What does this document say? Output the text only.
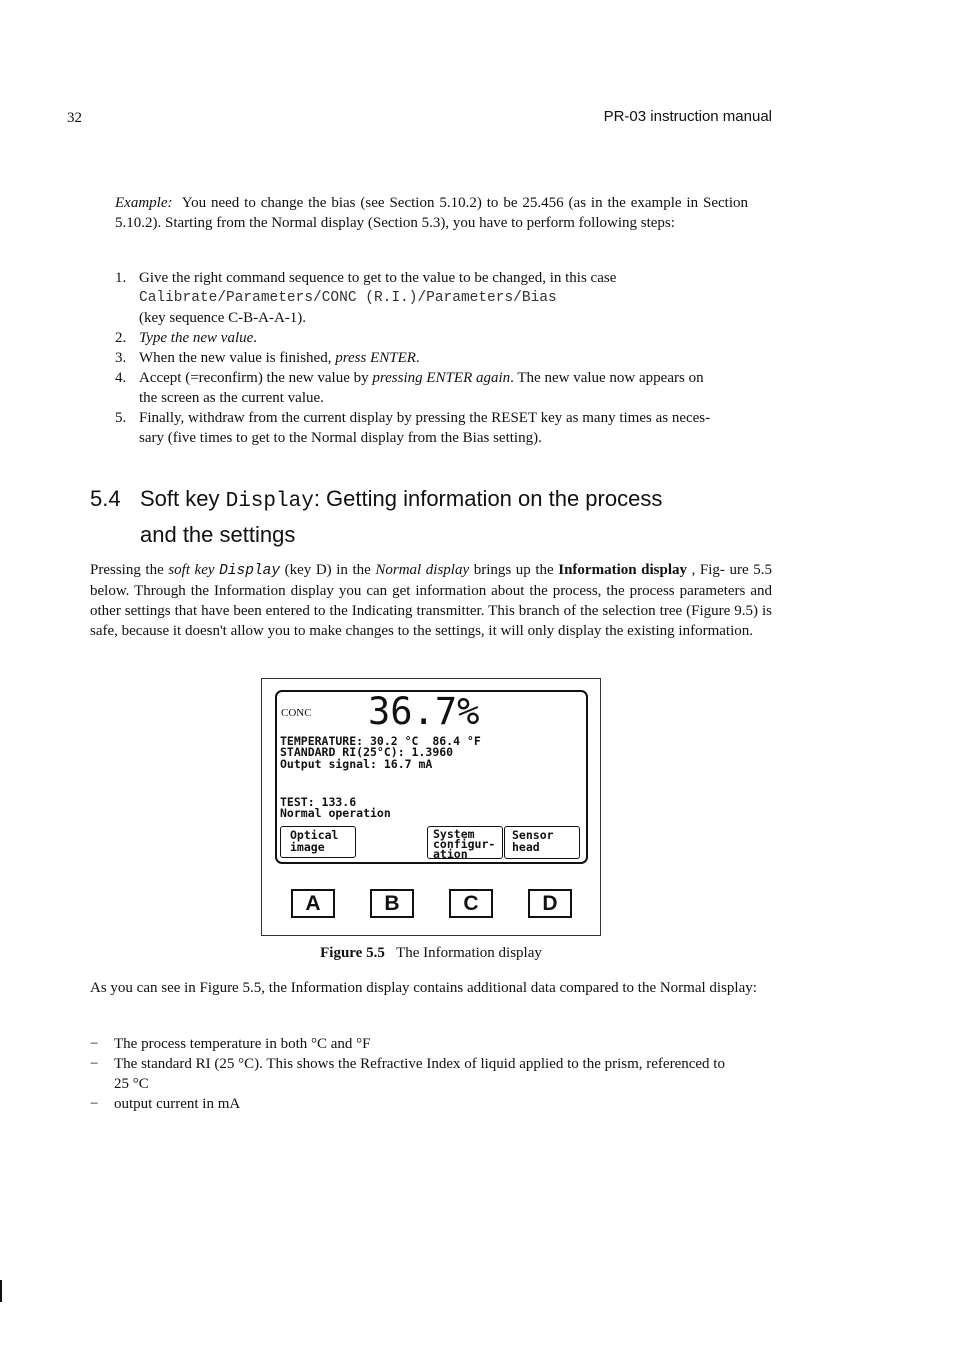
32	PR-03 instruction manual

Example: You need to change the bias (see Section 5.10.2) to be 25.456 (as in the example in Section 5.10.2). Starting from the Normal display (Section 5.3), you have to perform following steps:

1. Give the right command sequence to get to the value to be changed, in this case
Calibrate/Parameters/CONC (R.I.)/Parameters/Bias
(key sequence C-B-A-A-1).
2. Type the new value.
3. When the new value is finished, press ENTER.
4. Accept (=reconfirm) the new value by pressing ENTER again. The new value now appears on
the screen as the current value.
5. Finally, withdraw from the current display by pressing the RESET key as many times as neces-
sary (five times to get to the Normal display from the Bias setting).
5.4 Soft key Display: Getting information on the process
and the settings

Pressing the soft key Display (key D) in the Normal display brings up the Information display , Fig- ure 5.5 below. Through the Information display you can get information about the process, the process parameters and other settings that have been entered to the Indicating transmitter. This branch of the selection tree (Figure 9.5) is safe, because it doesn't allow you to make changes to the settings, it will only display the existing information.

CONC 36.7%
TEMPERATURE: 30.2 °C  86.4 °F
STANDARD RI(25°C): 1.3960
Output signal: 16.7 mA
TEST: 133.6
Normal operation
Optical
image
System
configur-
ation
Sensor
head
A	B	C	D
Figure 5.5 The Information display

As you can see in Figure 5.5, the Information display contains additional data compared to the Normal display:

− The process temperature in both °C and °F
− The standard RI (25 °C). This shows the Refractive Index of liquid applied to the prism, referenced to
25 °C
− output current in mA
